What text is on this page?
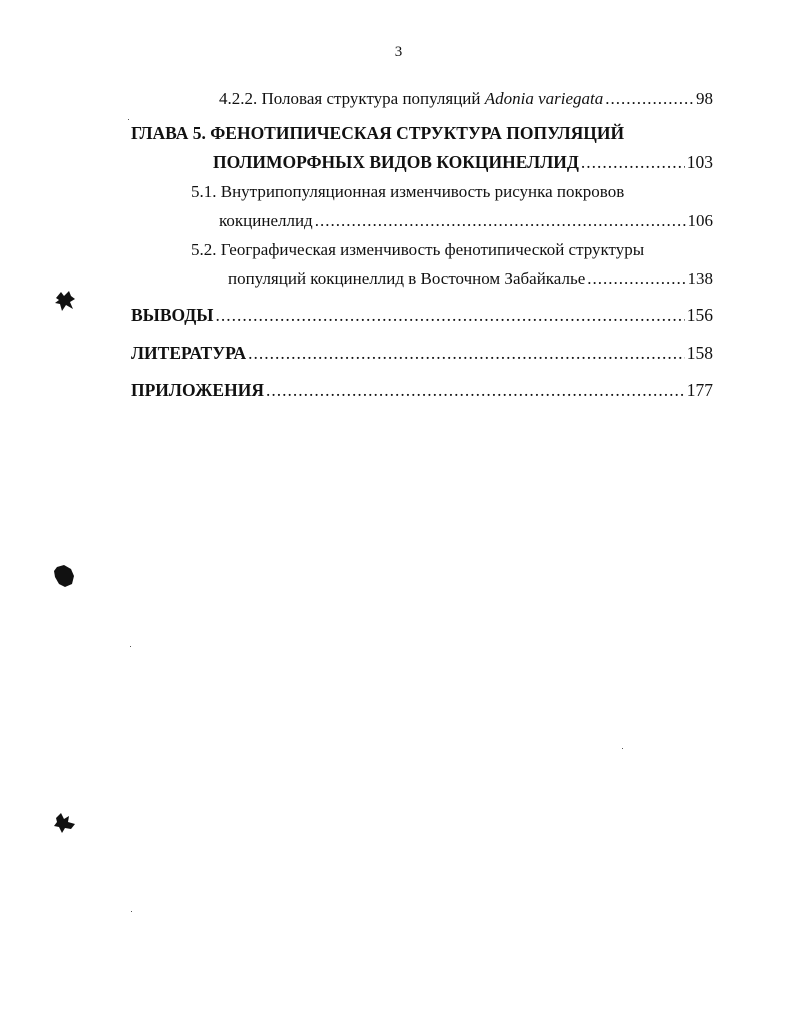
3
4.2.2. Половая структура популяций Adonia variegata .....	98
ГЛАВА 5. ФЕНОТИПИЧЕСКАЯ СТРУКТУРА ПОПУЛЯЦИЙ
ПОЛИМОРФНЫХ ВИДОВ КОКЦИНЕЛЛИД .....	103
5.1. Внутрипопуляционная изменчивость рисунка покровов
кокцинеллид .....	106
5.2. Географическая изменчивость фенотипической структуры
популяций кокцинеллид в Восточном Забайкалье .....	138
ВЫВОДЫ .....	156
ЛИТЕРАТУРА .....	158
ПРИЛОЖЕНИЯ .....	177
